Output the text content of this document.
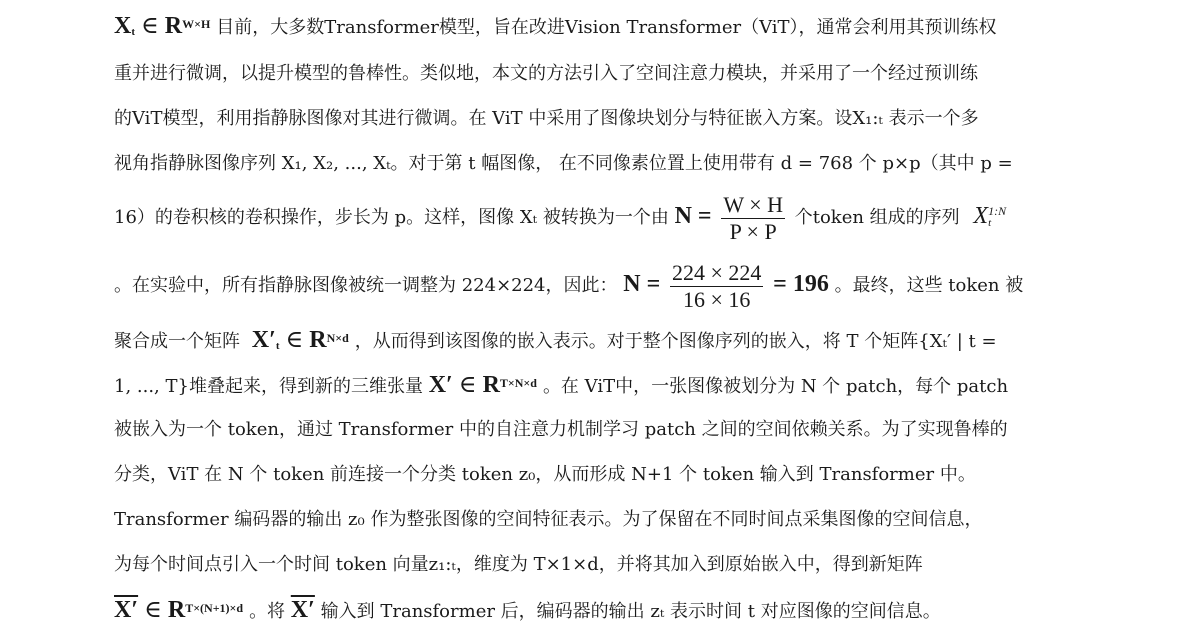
Xt ∈ $R^{W\times H}$ 目前，大多数Transformer模型，旨在改进Vision Transformer（ViT），通常会利用其预训练权
重并进行微调，以提升模型的鲁棒性。类似地，本文的方法引入了空间注意力模块，并采用了一个经过预训练
的ViT模型，利用指静脉图像对其进行微调。在 ViT 中采用了图像块划分与特征嵌入方案。设X₁:ₜ 表示一个多
视角指静脉图像序列 X₁, X₂, ..., Xₜ。对于第 t 幅图像， 在不同像素位置上使用带有 d = 768 个 p×p（其中 p =
16）的卷积核的卷积操作，步长为 p。这样，图像 Xₜ 被转换为一个由 $N = \frac{W \times H}{P \times P}$ 个token 组成的序列 X 1:N
t
。在实验中，所有指静脉图像被统一调整为 224×224，因此： $N = \frac{224 \times 224}{16 \times 16} = 196$ 。最终，这些 token 被
聚合成一个矩阵 X′t ∈ $R^{N\times d}$ ，从而得到该图像的嵌入表示。对于整个图像序列的嵌入，将 T 个矩阵{Xₜ′ | t =
1, ..., T}堆叠起来，得到新的三维张量 X′ ∈ $R^{T\times N\times d}$ 。在 ViT中，一张图像被划分为 N 个 patch，每个 patch
被嵌入为一个 token，通过 Transformer 中的自注意力机制学习 patch 之间的空间依赖关系。为了实现鲁棒的
分类，ViT 在 N 个 token 前连接一个分类 token z₀，从而形成 N+1 个 token 输入到 Transformer 中。
Transformer 编码器的输出 z₀ 作为整张图像的空间特征表示。为了保留在不同时间点采集图像的空间信息，
为每个时间点引入一个时间 token 向量z₁:ₜ，维度为 T×1×d，并将其加入到原始嵌入中，得到新矩阵
X′ ∈ $R^{T\times(N+1)\times d}$ 。将 X′ 输入到 Transformer 后，编码器的输出 zₜ 表示时间 t 对应图像的空间信息。
